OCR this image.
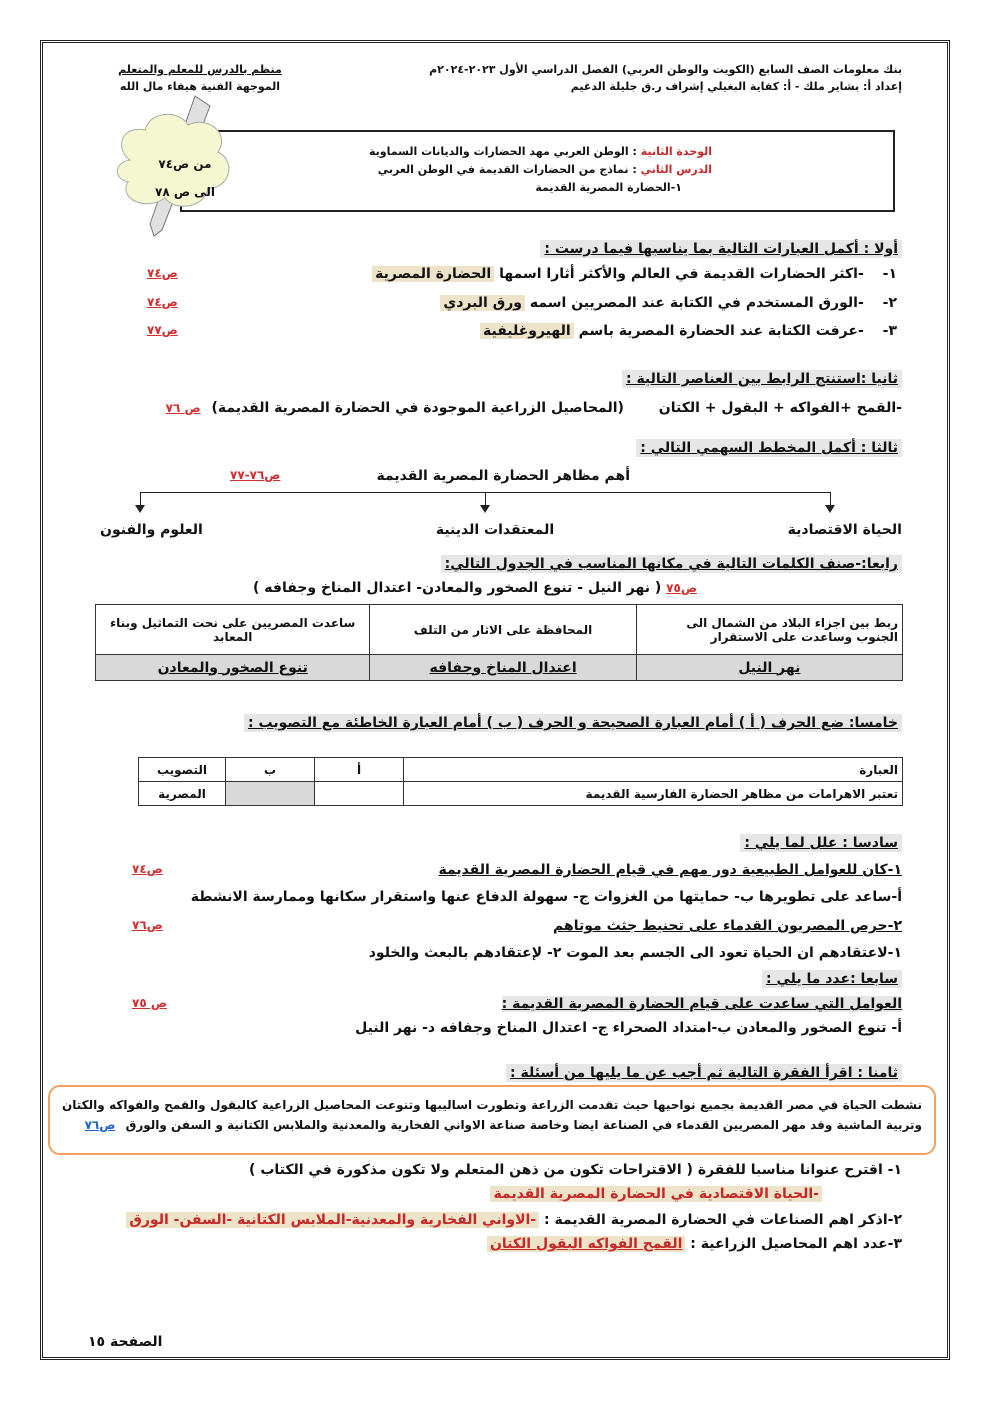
بنك معلومات الصف السابع (الكويت والوطن العربي) الفصل الدراسي الأول ٢٠٢٣-٢٠٢٤م
إعداد أ: بشاير ملك - أ: كفاية البغيلي إشراف ر.ق جليلة الدغيم
منظم بالدرس للمعلم والمتعلم
الموجهة الفنية هيفاء مال الله
الوحدة الثانية : الوطن العربي مهد الحضارات والديانات السماوية
الدرس الثاني : نماذج من الحضارات القديمة في الوطن العربي
١-الحضارة المصرية القديمة
من ص٧٤
الى ص ٧٨
أولا : أكمل العبارات التالية بما يناسبها فيما درست :
١- -اكثر الحضارات القديمة في العالم والأكثر أثارا اسمها الحضارة المصرية
ص٧٤
٢- -الورق المستخدم في الكتابة عند المصريين اسمه ورق البردي
ص٧٤
٣- -عرفت الكتابة عند الحضارة المصرية باسم الهيروغليفية
ص٧٧
ثانيا :استنتج الرابط بين العناصر التالية :
-القمح +الفواكه + البقول + الكتان (المحاصيل الزراعية الموجودة في الحضارة المصرية القديمة) ص ٧٦
ثالثا : أكمل المخطط السهمي التالي :
أهم مظاهر الحضارة المصرية القديمة
ص٧٦-٧٧
الحياة الاقتصادية
المعتقدات الدينية
العلوم والفنون
رابعا:-صنف الكلمات التالية في مكانها المناسب في الجدول التالي:
ص٧٥ ( نهر النيل - تنوع الصخور والمعادن- اعتدال المناخ وجفافه )
ربط بين اجزاء البلاد من الشمال الى الجنوب وساعدت على الاستقرار	المحافظة على الاثار من التلف	ساعدت المصريين على نحت التماثيل وبناء المعابد
نهر النيل	اعتدال المناخ وجفافه	تنوع الصخور والمعادن
خامسا: ضع الحرف ( أ ) أمام العبارة الصحيحة و الحرف ( ب ) أمام العبارة الخاطئة مع التصويب :
العبارة	أ	ب	التصويب
تعتبر الاهرامات من مظاهر الحضارة الفارسية القديمة			المصرية
سادسا : علل لما يلي :
١-كان للعوامل الطبيعية دور مهم في قيام الحضارة المصرية القديمة
ص٧٤
أ-ساعد على تطويرها ب- حمايتها من الغزوات ج- سهولة الدفاع عنها واستقرار سكانها وممارسة الانشطة
٢-حرص المصريون القدماء على تحنيط جثث موتاهم
ص٧٦
١-لاعتقادهم ان الحياة تعود الى الجسم بعد الموت ٢- لإعتقادهم بالبعث والخلود
سابعا :عدد ما يلي :
العوامل التي ساعدت على قيام الحضارة المصرية القديمة :
ص ٧٥
أ- تنوع الصخور والمعادن ب-امتداد الصحراء ج- اعتدال المناخ وجفافه د- نهر النيل
ثامنا : اقرأ الفقرة التالية ثم أجب عن ما يليها من أسئلة :
نشطت الحياة في مصر القديمة بجميع نواحيها حيث تقدمت الزراعة وتطورت اساليبها وتنوعت المحاصيل الزراعية كالبقول والقمح والفواكه والكتان وتربية الماشية وقد مهر المصريين القدماء في الصناعة ايضا وخاصة صناعة الاواني الفخارية والمعدنية والملابس الكتانية و السفن والورق ص٧٦
١- اقترح عنوانا مناسبا للفقرة ( الاقتراحات تكون من ذهن المتعلم ولا تكون مذكورة في الكتاب )
-الحياة الاقتصادية في الحضارة المصرية القديمة
٢-اذكر اهم الصناعات في الحضارة المصرية القديمة : -الاواني الفخارية والمعدنية-الملابس الكتانية -السفن- الورق
٣-عدد اهم المحاصيل الزراعية : القمح الفواكه البقول الكتان
الصفحة ١٥
